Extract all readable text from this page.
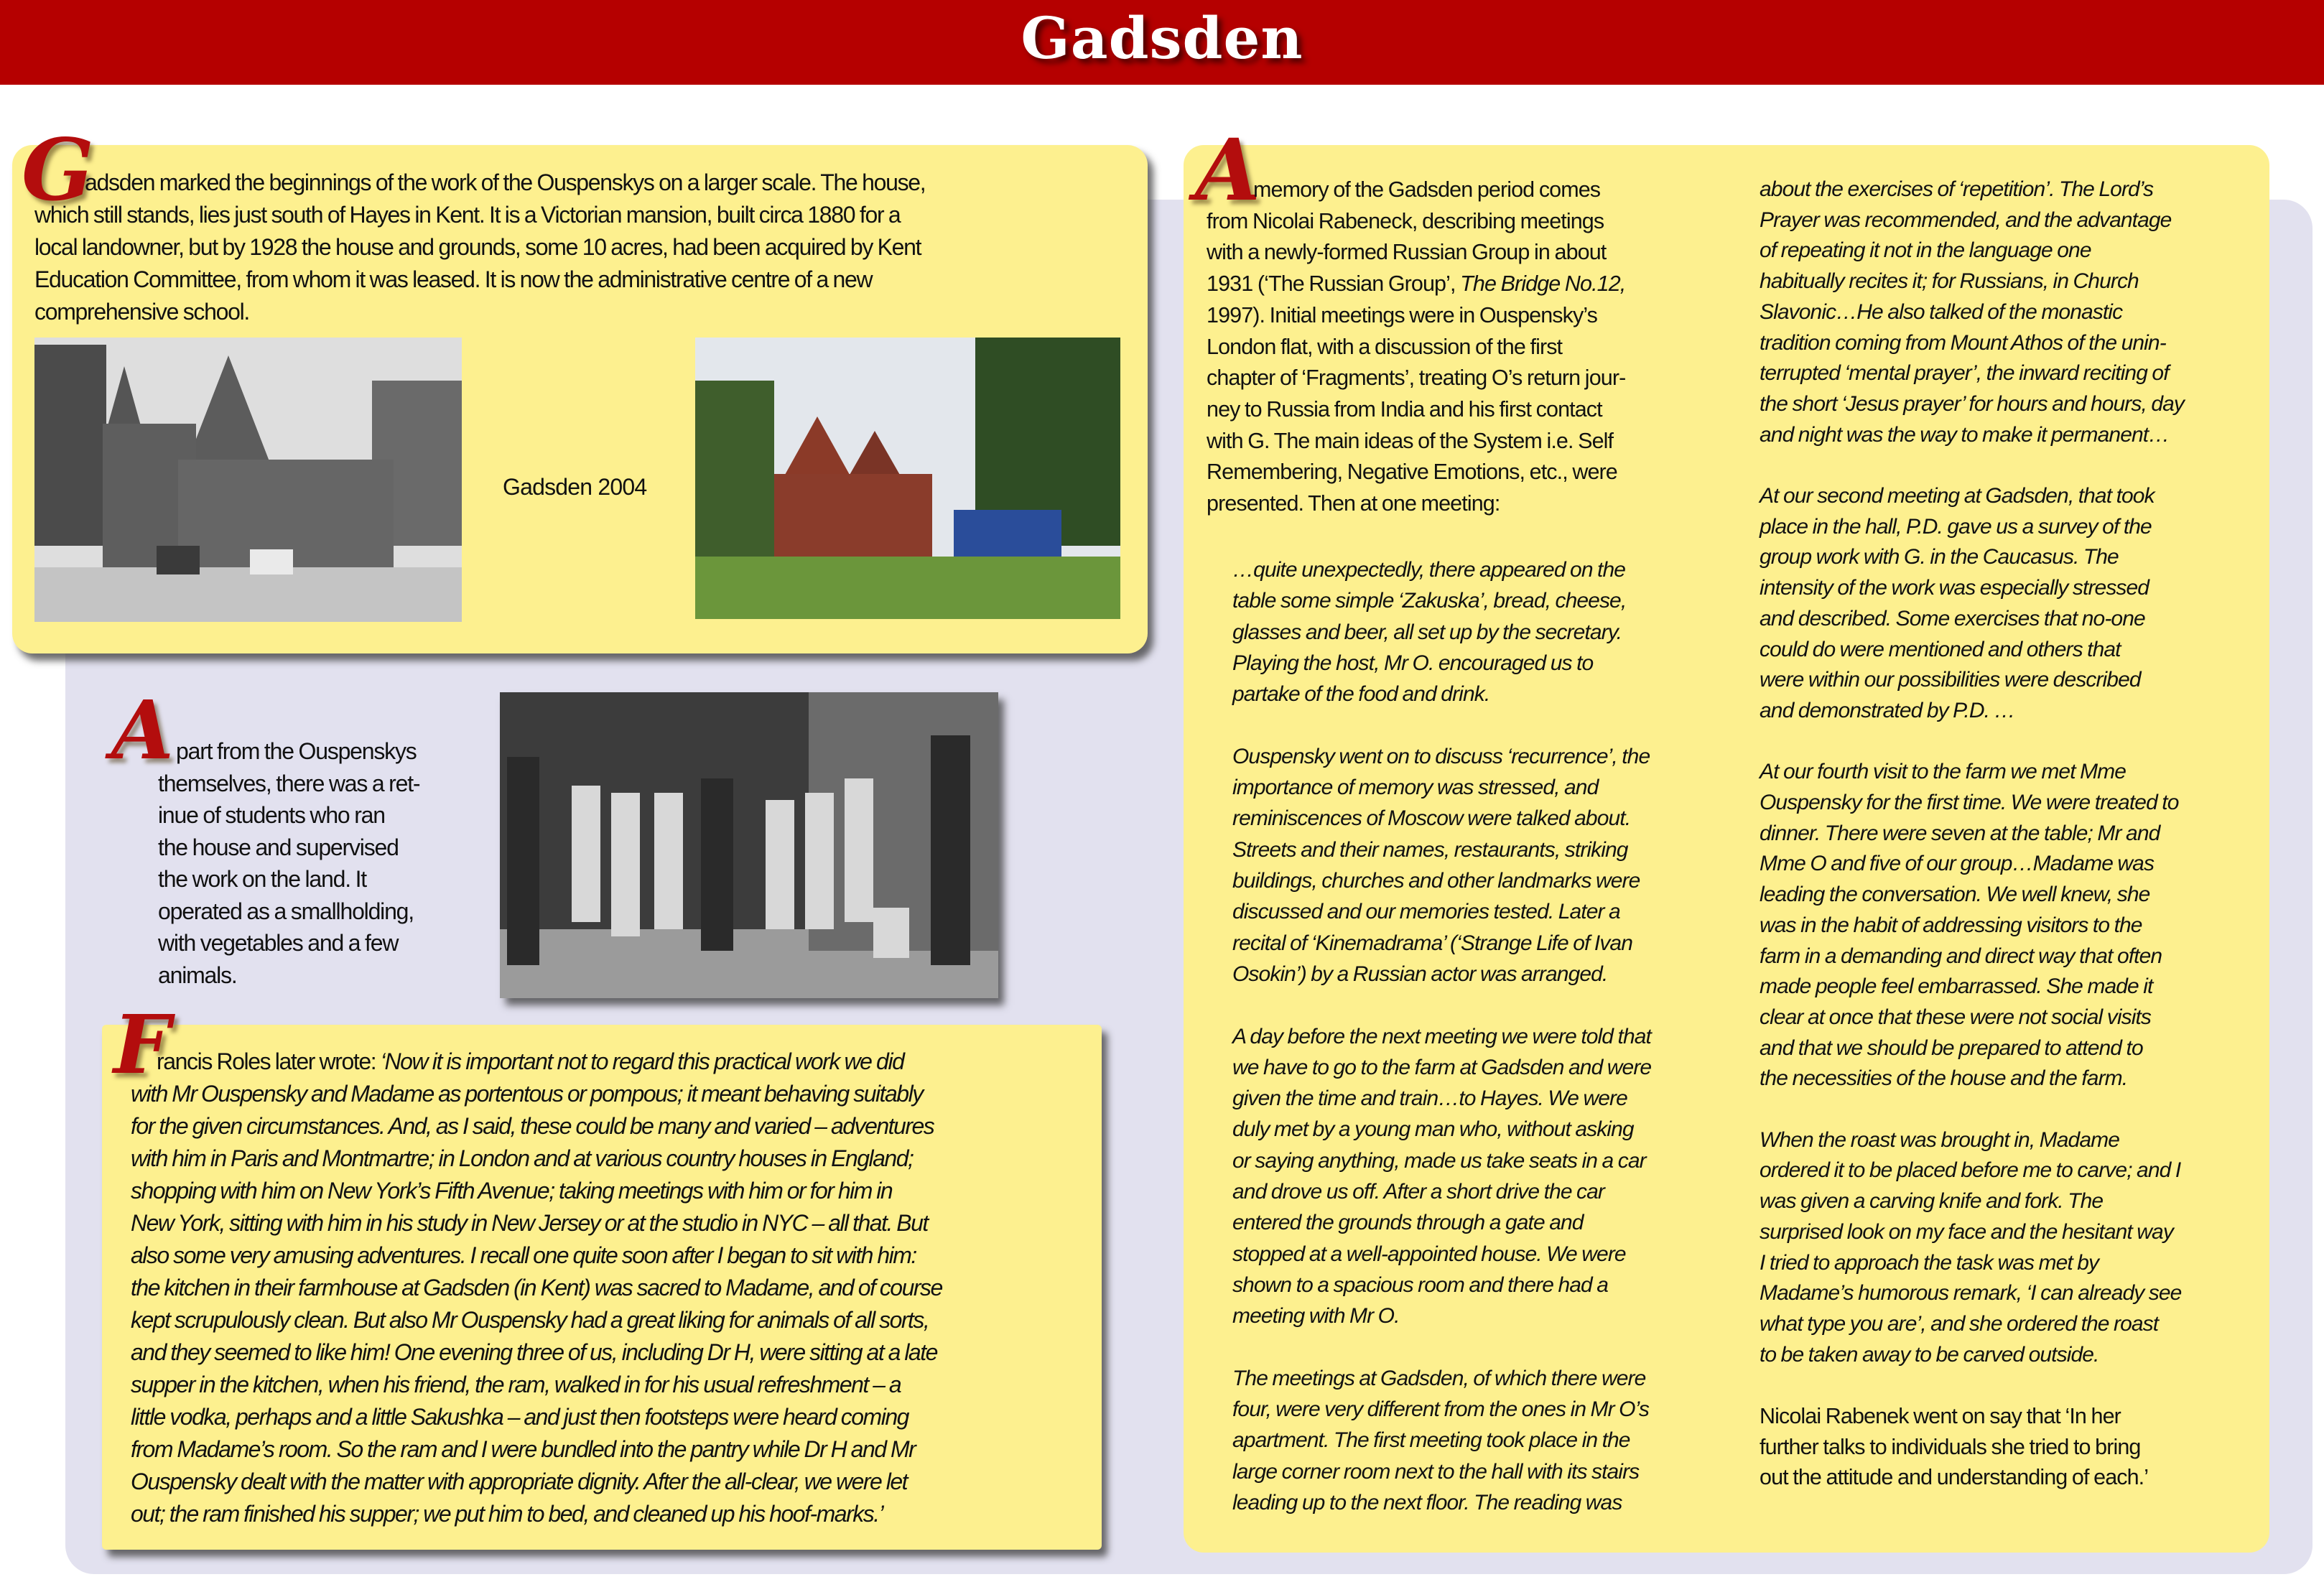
Gadsden
G
adsden marked the beginnings of the work of the Ouspenskys on a larger scale. The house,
which still stands, lies just south of Hayes in Kent. It is a Victorian mansion, built circa 1880 for a
local landowner, but by 1928 the house and grounds, some 10 acres, had been acquired by Kent
Education Committee, from whom it was leased. It is now the administrative centre of a new
comprehensive school.
Gadsden 2004
A part from the Ouspenskys
themselves, there was a ret-
inue of students who ran
the house and supervised
the work on the land. It
operated as a smallholding,
with vegetables and a few
animals.
F
rancis Roles later wrote: ‘Now it is important not to regard this practical work we did
with Mr Ouspensky and Madame as portentous or pompous; it meant behaving suitably
for the given circumstances. And, as I said, these could be many and varied – adventures
with him in Paris and Montmartre; in London and at various country houses in England;
shopping with him on New York’s Fifth Avenue; taking meetings with him or for him in
New York, sitting with him in his study in New Jersey or at the studio in NYC – all that. But
also some very amusing adventures. I recall one quite soon after I began to sit with him:
the kitchen in their farmhouse at Gadsden (in Kent) was sacred to Madame, and of course
kept scrupulously clean. But also Mr Ouspensky had a great liking for animals of all sorts,
and they seemed to like him! One evening three of us, including Dr H, were sitting at a late
supper in the kitchen, when his friend, the ram, walked in for his usual refreshment – a
little vodka, perhaps and a little Sakushka – and just then footsteps were heard coming
from Madame’s room. So the ram and I were bundled into the pantry while Dr H and Mr
Ouspensky dealt with the matter with appropriate dignity. After the all-clear, we were let
out; the ram finished his supper; we put him to bed, and cleaned up his hoof-marks.’
A
memory of the Gadsden period comes
from Nicolai Rabeneck, describing meetings
with a newly-formed Russian Group in about
1931 (‘The Russian Group’, The Bridge No.12,
1997). Initial meetings were in Ouspensky’s
London flat, with a discussion of the first
chapter of ‘Fragments’, treating O’s return jour-
ney to Russia from India and his first contact
with G. The main ideas of the System i.e. Self
Remembering, Negative Emotions, etc., were
presented. Then at one meeting:
…quite unexpectedly, there appeared on the
table some simple ‘Zakuska’, bread, cheese,
glasses and beer, all set up by the secretary.
Playing the host, Mr O. encouraged us to
partake of the food and drink.
Ouspensky went on to discuss ‘recurrence’, the
importance of memory was stressed, and
reminiscences of Moscow were talked about.
Streets and their names, restaurants, striking
buildings, churches and other landmarks were
discussed and our memories tested. Later a
recital of ‘Kinemadrama’ (‘Strange Life of Ivan
Osokin’) by a Russian actor was arranged.
A day before the next meeting we were told that
we have to go to the farm at Gadsden and were
given the time and train…to Hayes. We were
duly met by a young man who, without asking
or saying anything, made us take seats in a car
and drove us off. After a short drive the car
entered the grounds through a gate and
stopped at a well-appointed house. We were
shown to a spacious room and there had a
meeting with Mr O.
The meetings at Gadsden, of which there were
four, were very different from the ones in Mr O’s
apartment. The first meeting took place in the
large corner room next to the hall with its stairs
leading up to the next floor. The reading was
about the exercises of ‘repetition’. The Lord’s
Prayer was recommended, and the advantage
of repeating it not in the language one
habitually recites it; for Russians, in Church
Slavonic…He also talked of the monastic
tradition coming from Mount Athos of the unin-
terrupted ‘mental prayer’, the inward reciting of
the short ‘Jesus prayer’ for hours and hours, day
and night was the way to make it permanent…
At our second meeting at Gadsden, that took
place in the hall, P.D. gave us a survey of the
group work with G. in the Caucasus. The
intensity of the work was especially stressed
and described. Some exercises that no-one
could do were mentioned and others that
were within our possibilities were described
and demonstrated by P.D. …
At our fourth visit to the farm we met Mme
Ouspensky for the first time. We were treated to
dinner. There were seven at the table; Mr and
Mme O and five of our group…Madame was
leading the conversation. We well knew, she
was in the habit of addressing visitors to the
farm in a demanding and direct way that often
made people feel embarrassed. She made it
clear at once that these were not social visits
and that we should be prepared to attend to
the necessities of the house and the farm.
When the roast was brought in, Madame
ordered it to be placed before me to carve; and I
was given a carving knife and fork. The
surprised look on my face and the hesitant way
I tried to approach the task was met by
Madame’s humorous remark, ‘I can already see
what type you are’, and she ordered the roast
to be taken away to be carved outside.
Nicolai Rabenek went on say that ‘In her
further talks to individuals she tried to bring
out the attitude and understanding of each.’
